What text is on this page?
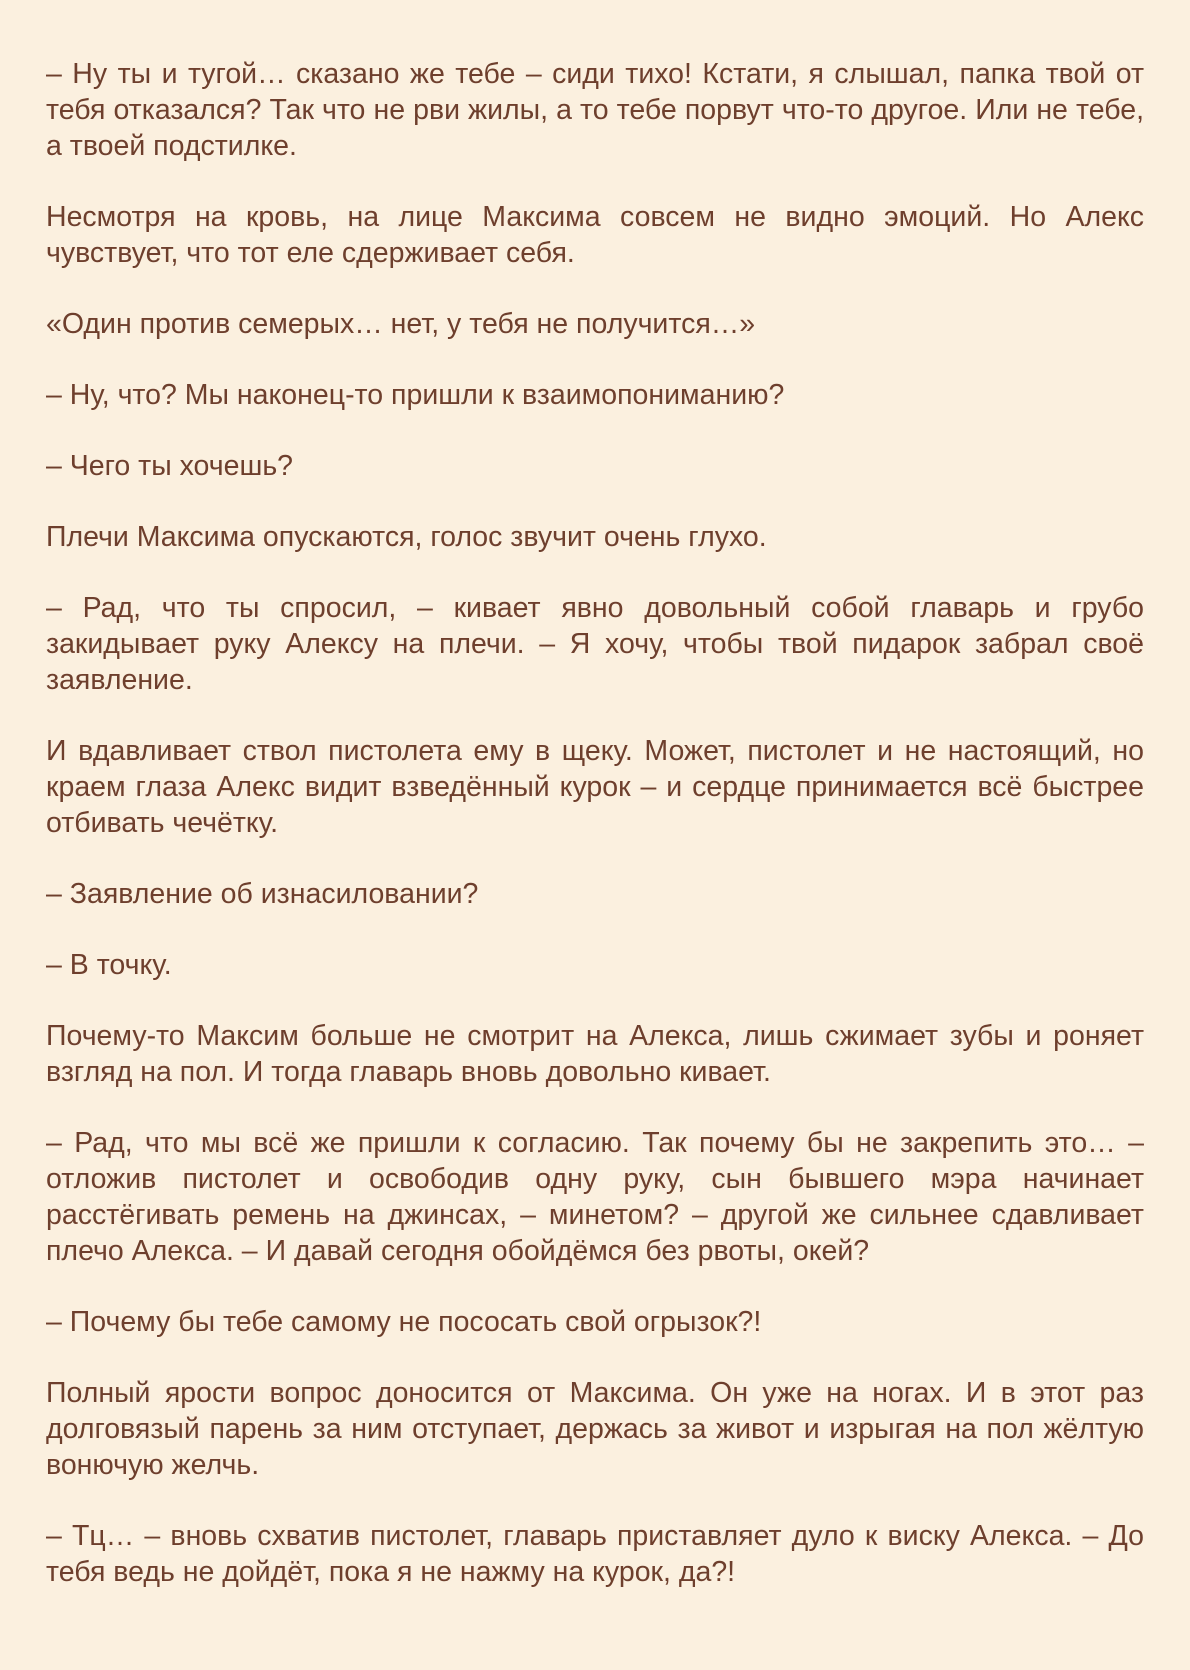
– Ну ты и тугой… сказано же тебе – сиди тихо! Кстати, я слышал, папка твой от тебя отказался? Так что не рви жилы, а то тебе порвут что-то другое. Или не тебе, а твоей подстилке.

Несмотря на кровь, на лице Максима совсем не видно эмоций. Но Алекс чувствует, что тот еле сдерживает себя.

«Один против семерых… нет, у тебя не получится…»

– Ну, что? Мы наконец-то пришли к взаимопониманию?

– Чего ты хочешь?

Плечи Максима опускаются, голос звучит очень глухо.

– Рад, что ты спросил, – кивает явно довольный собой главарь и грубо закидывает руку Алексу на плечи. – Я хочу, чтобы твой пидарок забрал своё заявление.

И вдавливает ствол пистолета ему в щеку. Может, пистолет и не настоящий, но краем глаза Алекс видит взведённый курок – и сердце принимается всё быстрее отбивать чечётку.

– Заявление об изнасиловании?

– В точку.

Почему-то Максим больше не смотрит на Алекса, лишь сжимает зубы и роняет взгляд на пол. И тогда главарь вновь довольно кивает.

– Рад, что мы всё же пришли к согласию. Так почему бы не закрепить это… – отложив пистолет и освободив одну руку, сын бывшего мэра начинает расстёгивать ремень на джинсах, – минетом? – другой же сильнее сдавливает плечо Алекса. – И давай сегодня обойдёмся без рвоты, окей?

– Почему бы тебе самому не пососать свой огрызок?!

Полный ярости вопрос доносится от Максима. Он уже на ногах. И в этот раз долговязый парень за ним отступает, держась за живот и изрыгая на пол жёлтую вонючую желчь.

– Тц… – вновь схватив пистолет, главарь приставляет дуло к виску Алекса. – До тебя ведь не дойдёт, пока я не нажму на курок, да?!
